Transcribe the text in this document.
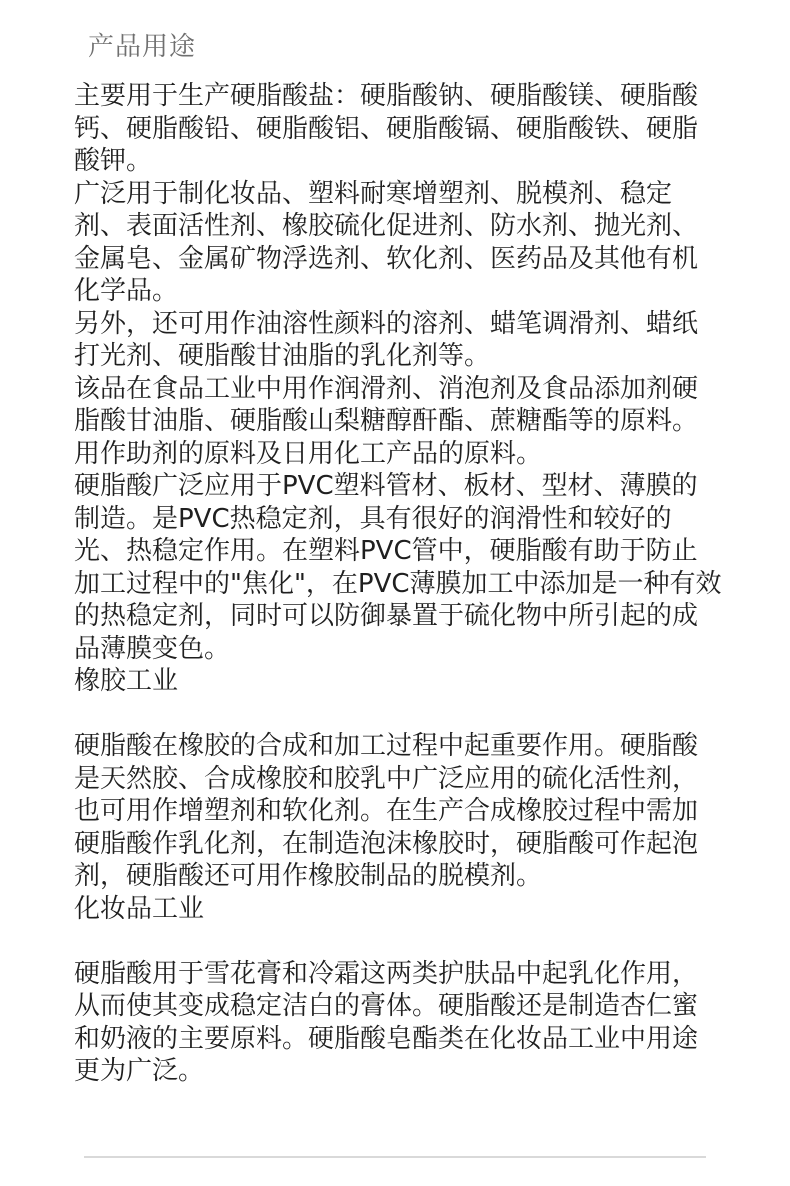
产品用途

主要用于生产硬脂酸盐：硬脂酸钠、硬脂酸镁、硬脂酸钙、硬脂酸铅、硬脂酸铝、硬脂酸镉、硬脂酸铁、硬脂酸钾。

广泛用于制化妆品、塑料耐寒增塑剂、脱模剂、稳定剂、表面活性剂、橡胶硫化促进剂、防水剂、抛光剂、金属皂、金属矿物浮选剂、软化剂、医药品及其他有机化学品。

另外，还可用作油溶性颜料的溶剂、蜡笔调滑剂、蜡纸打光剂、硬脂酸甘油脂的乳化剂等。

该品在食品工业中用作润滑剂、消泡剂及食品添加剂硬脂酸甘油脂、硬脂酸山梨糖醇酐酯、蔗糖酯等的原料。用作助剂的原料及日用化工产品的原料。

硬脂酸广泛应用于PVC塑料管材、板材、型材、薄膜的制造。是PVC热稳定剂，具有很好的润滑性和较好的光、热稳定作用。在塑料PVC管中，硬脂酸有助于防止加工过程中的"焦化"，在PVC薄膜加工中添加是一种有效的热稳定剂，同时可以防御暴置于硫化物中所引起的成品薄膜变色。

橡胶工业

硬脂酸在橡胶的合成和加工过程中起重要作用。硬脂酸是天然胶、合成橡胶和胶乳中广泛应用的硫化活性剂，也可用作增塑剂和软化剂。在生产合成橡胶过程中需加硬脂酸作乳化剂，在制造泡沫橡胶时，硬脂酸可作起泡剂，硬脂酸还可用作橡胶制品的脱模剂。

化妆品工业

硬脂酸用于雪花膏和冷霜这两类护肤品中起乳化作用，从而使其变成稳定洁白的膏体。硬脂酸还是制造杏仁蜜和奶液的主要原料。硬脂酸皂酯类在化妆品工业中用途更为广泛。
